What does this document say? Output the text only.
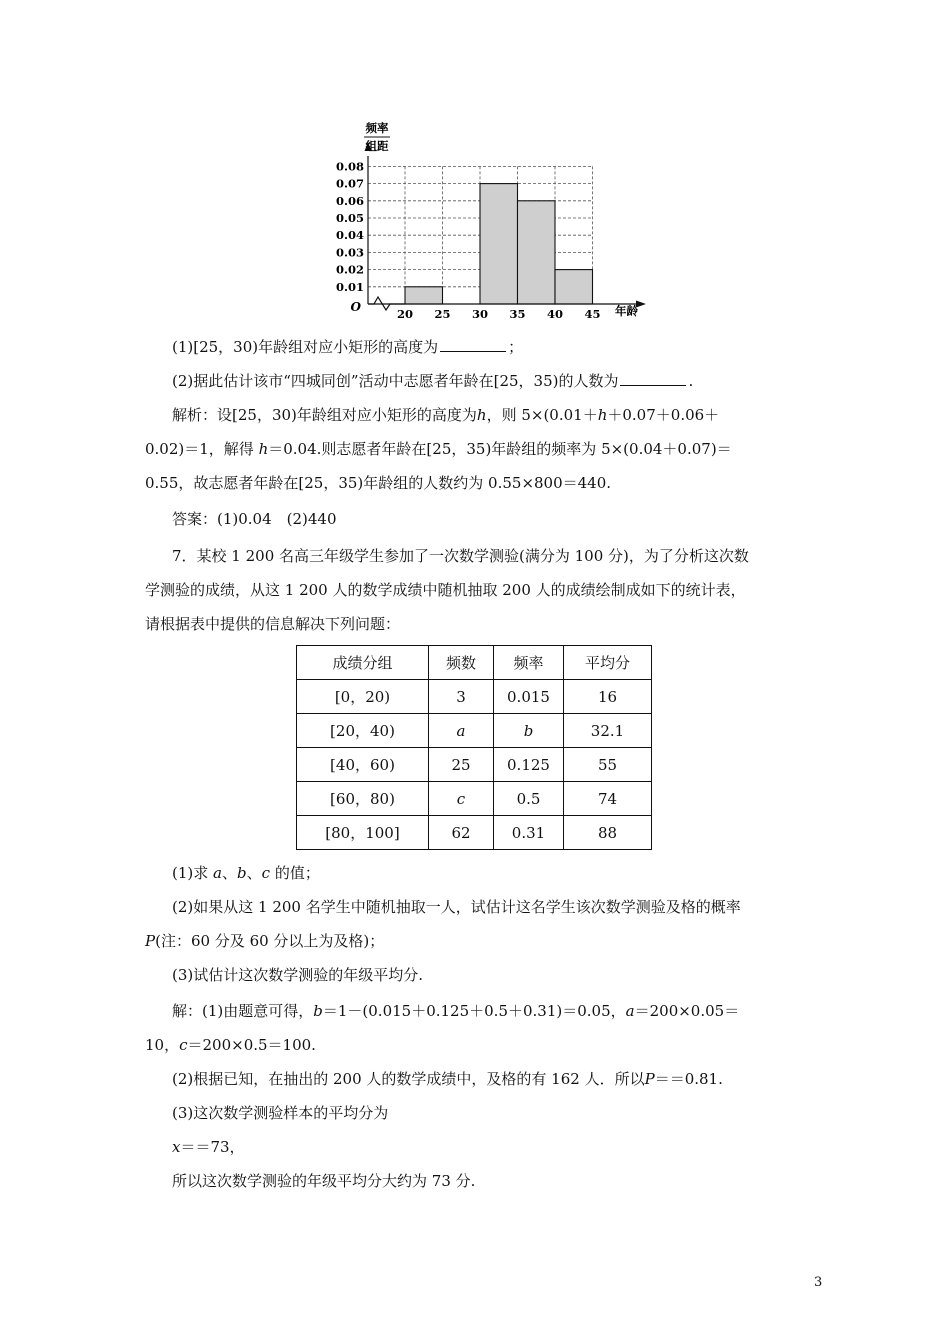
频率
组距
年龄
O
0.01
0.02
0.03
0.04
0.05
0.06
0.07
0.08
20 25 30 35 40 45
(1)[25，30)年龄组对应小矩形的高度为	；
(2)据此估计该市“四城同创”活动中志愿者年龄在[25，35)的人数为	.
解析：设[25，30)年龄组对应小矩形的高度为h，则 5×(0.01＋h＋0.07＋0.06＋
0.02)＝1，解得 h＝0.04.则志愿者年龄在[25，35)年龄组的频率为 5×(0.04＋0.07)＝
0.55，故志愿者年龄在[25，35)年龄组的人数约为 0.55×800＝440.
答案：(1)0.04　(2)440
7．某校 1 200 名高三年级学生参加了一次数学测验(满分为 100 分)，为了分析这次数
学测验的成绩，从这 1 200 人的数学成绩中随机抽取 200 人的成绩绘制成如下的统计表，
请根据表中提供的信息解决下列问题：
成绩分组	频数	频率	平均分
[0，20)	3	0.015	16
[20，40)	a	b	32.1
[40，60)	25	0.125	55
[60，80)	c	0.5	74
[80，100]	62	0.31	88
(1)求 a、b、c 的值；
(2)如果从这 1 200 名学生中随机抽取一人，试估计这名学生该次数学测验及格的概率
P(注：60 分及 60 分以上为及格)；
(3)试估计这次数学测验的年级平均分.
解：(1)由题意可得，b＝1－(0.015＋0.125＋0.5＋0.31)＝0.05，a＝200×0.05＝
10，c＝200×0.5＝100.
(2)根据已知，在抽出的 200 人的数学成绩中，及格的有 162 人．所以P＝＝0.81.
(3)这次数学测验样本的平均分为
x＝＝73，
所以这次数学测验的年级平均分大约为 73 分.
3
